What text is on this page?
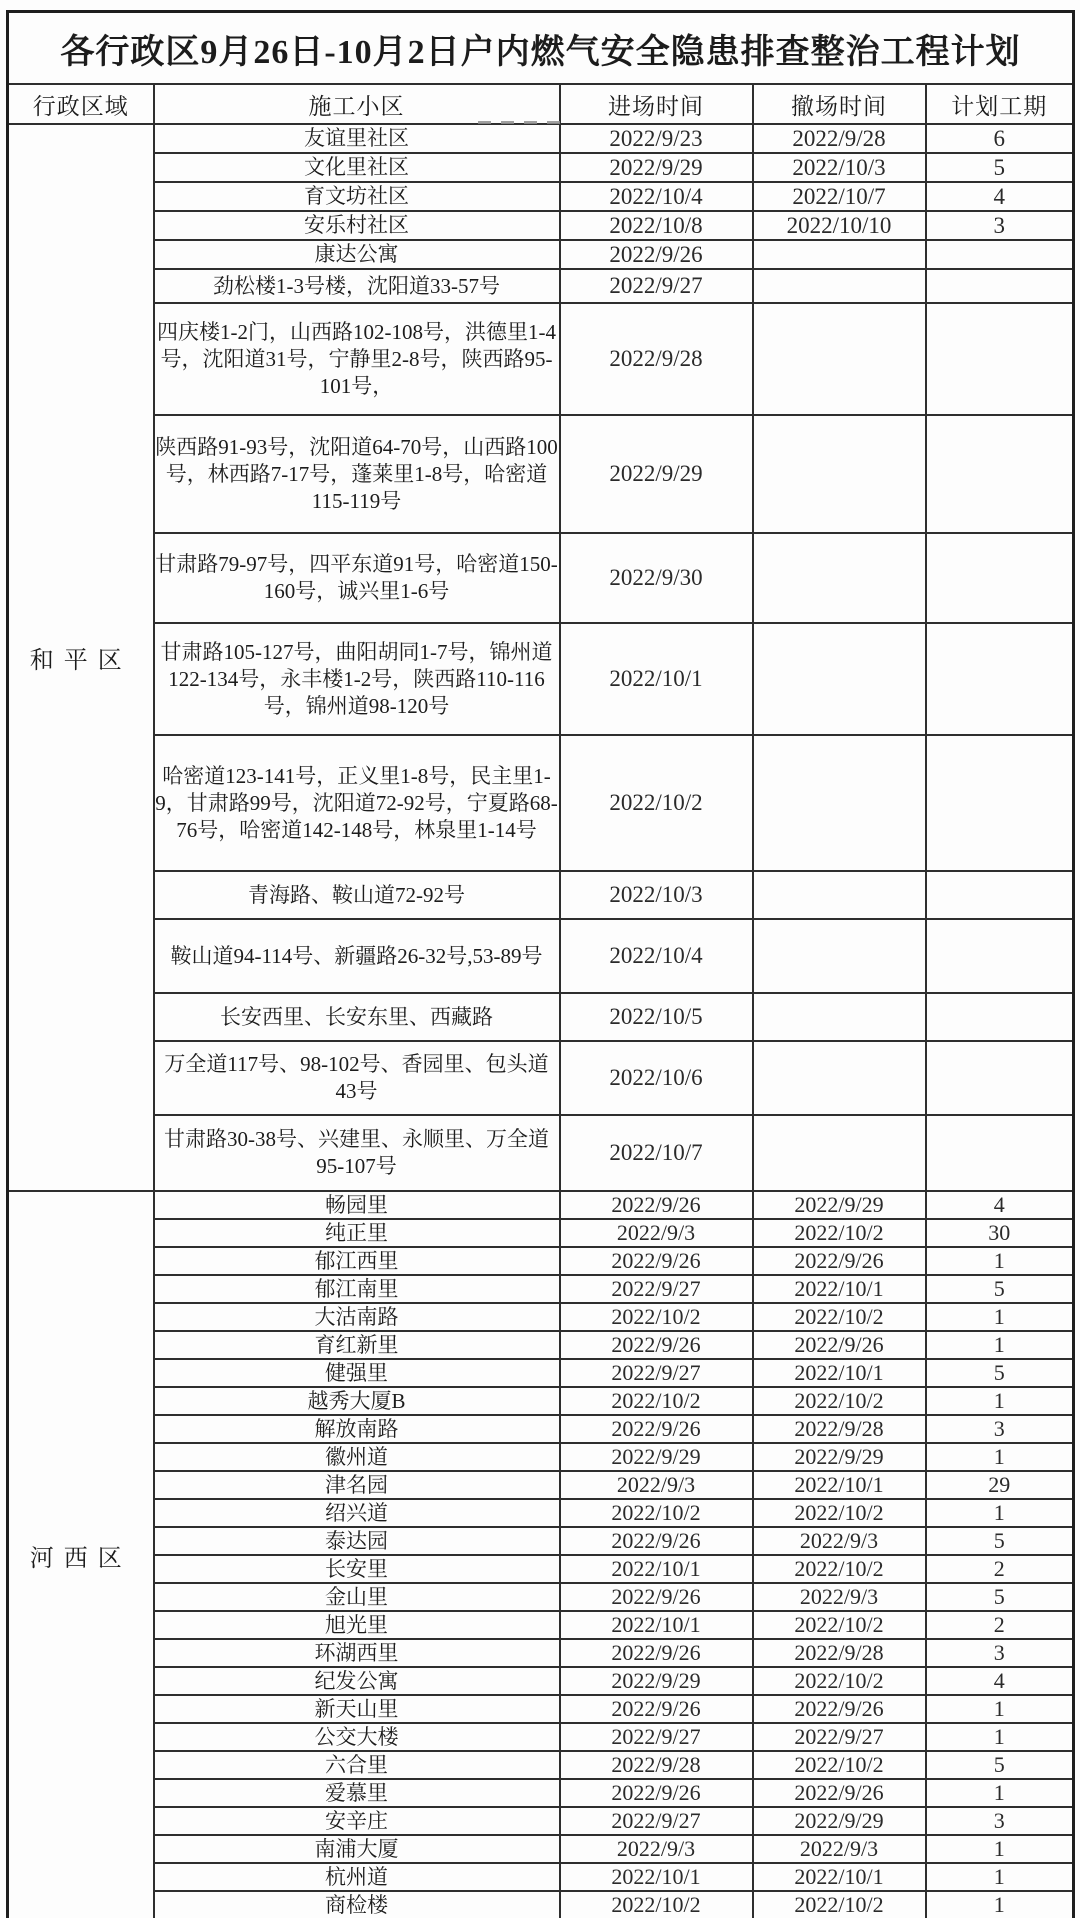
各行政区9月26日-10月2日户内燃气安全隐患排查整治工程计划				
行政区域	施工小区	进场时间	撤场时间	计划工期
和平区	友谊里社区	2022/9/23	2022/9/28	6
	文化里社区	2022/9/29	2022/10/3	5
	育文坊社区	2022/10/4	2022/10/7	4
	安乐村社区	2022/10/8	2022/10/10	3
	康达公寓	2022/9/26		
	劲松楼1-3号楼，沈阳道33-57号	2022/9/27		
	四庆楼1-2门，山西路102-108号，洪德里1-4号，沈阳道31号，宁静里2-8号，陕西路95-101号，	2022/9/28		
	陕西路91-93号，沈阳道64-70号，山西路100号，林西路7-17号，蓬莱里1-8号，哈密道115-119号	2022/9/29		
	甘肃路79-97号，四平东道91号，哈密道150-160号，诚兴里1-6号	2022/9/30		
	甘肃路105-127号，曲阳胡同1-7号，锦州道122-134号，永丰楼1-2号，陕西路110-116号，锦州道98-120号	2022/10/1		
	哈密道123-141号，正义里1-8号，民主里1-9，甘肃路99号，沈阳道72-92号，宁夏路68-76号，哈密道142-148号，林泉里1-14号	2022/10/2		
	青海路、鞍山道72-92号	2022/10/3		
	鞍山道94-114号、新疆路26-32号,53-89号	2022/10/4		
	长安西里、长安东里、西藏路	2022/10/5		
	万全道117号、98-102号、香园里、包头道43号	2022/10/6		
	甘肃路30-38号、兴建里、永顺里、万全道95-107号	2022/10/7		
河西区	畅园里	2022/9/26	2022/9/29	4
	纯正里	2022/9/3	2022/10/2	30
	郁江西里	2022/9/26	2022/9/26	1
	郁江南里	2022/9/27	2022/10/1	5
	大沽南路	2022/10/2	2022/10/2	1
	育红新里	2022/9/26	2022/9/26	1
	健强里	2022/9/27	2022/10/1	5
	越秀大厦B	2022/10/2	2022/10/2	1
	解放南路	2022/9/26	2022/9/28	3
	徽州道	2022/9/29	2022/9/29	1
	津名园	2022/9/3	2022/10/1	29
	绍兴道	2022/10/2	2022/10/2	1
	泰达园	2022/9/26	2022/9/3	5
	长安里	2022/10/1	2022/10/2	2
	金山里	2022/9/26	2022/9/3	5
	旭光里	2022/10/1	2022/10/2	2
	环湖西里	2022/9/26	2022/9/28	3
	纪发公寓	2022/9/29	2022/10/2	4
	新天山里	2022/9/26	2022/9/26	1
	公交大楼	2022/9/27	2022/9/27	1
	六合里	2022/9/28	2022/10/2	5
	爱慕里	2022/9/26	2022/9/26	1
	安辛庄	2022/9/27	2022/9/29	3
	南浦大厦	2022/9/3	2022/9/3	1
	杭州道	2022/10/1	2022/10/1	1
	商检楼	2022/10/2	2022/10/2	1
